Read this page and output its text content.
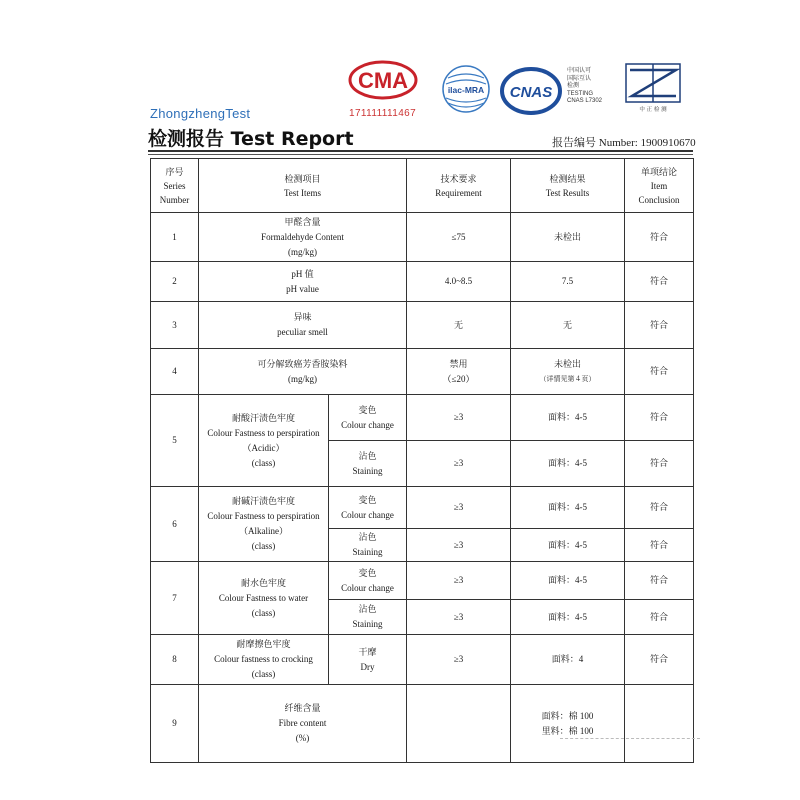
ZhongzhengTest
检测报告 Test Report	报告编号 Number: 1900910670
CMA
171111111467
ilac-MRA CNAS
中国认可
国际互认
检测
TESTING
CNAS L7302
中 正 检 测
序号
Series
Number	检测项目
Test Items		技术要求
Requirement	检测结果
Test Results	单项结论
Item
Conclusion

1	甲醛含量
Formaldehyde Content
(mg/kg)		≤75	未检出	符合
2	pH 值
pH value		4.0~8.5	7.5	符合
3	异味
peculiar smell		无	无	符合
4	可分解致癌芳香胺染料
(mg/kg)		禁用
（≤20）	未检出
（详情见第４页）	符合
5	耐酸汗渍色牢度
Colour Fastness to perspiration
（Acidic）
(class)	变色
Colour change	≥3	面料：4-5	符合

		沾色
Staining	≥3	面料：4-5	符合
6	耐碱汗渍色牢度
Colour Fastness to perspiration
（Alkaline）
(class)	变色
Colour change	≥3	面料：4-5	符合

		沾色
Staining	≥3	面料：4-5	符合
7	耐水色牢度
Colour Fastness to water
(class)	变色
Colour change	≥3	面料：4-5	符合

		沾色
Staining	≥3	面料：4-5	符合
8	耐摩擦色牢度
Colour fastness to crocking
(class)	干摩
Dry	≥3	面料：4	符合
9	纤维含量
Fibre content
(%)			面料：棉 100
里料：棉 100	
